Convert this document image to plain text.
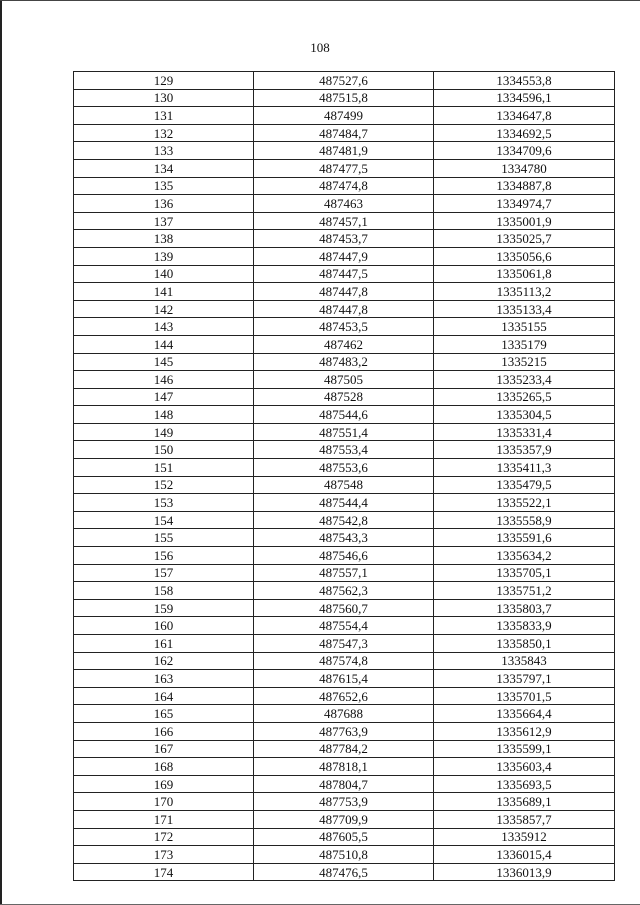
108
129	487527,6	1334553,8
130	487515,8	1334596,1
131	487499	1334647,8
132	487484,7	1334692,5
133	487481,9	1334709,6
134	487477,5	1334780
135	487474,8	1334887,8
136	487463	1334974,7
137	487457,1	1335001,9
138	487453,7	1335025,7
139	487447,9	1335056,6
140	487447,5	1335061,8
141	487447,8	1335113,2
142	487447,8	1335133,4
143	487453,5	1335155
144	487462	1335179
145	487483,2	1335215
146	487505	1335233,4
147	487528	1335265,5
148	487544,6	1335304,5
149	487551,4	1335331,4
150	487553,4	1335357,9
151	487553,6	1335411,3
152	487548	1335479,5
153	487544,4	1335522,1
154	487542,8	1335558,9
155	487543,3	1335591,6
156	487546,6	1335634,2
157	487557,1	1335705,1
158	487562,3	1335751,2
159	487560,7	1335803,7
160	487554,4	1335833,9
161	487547,3	1335850,1
162	487574,8	1335843
163	487615,4	1335797,1
164	487652,6	1335701,5
165	487688	1335664,4
166	487763,9	1335612,9
167	487784,2	1335599,1
168	487818,1	1335603,4
169	487804,7	1335693,5
170	487753,9	1335689,1
171	487709,9	1335857,7
172	487605,5	1335912
173	487510,8	1336015,4
174	487476,5	1336013,9
